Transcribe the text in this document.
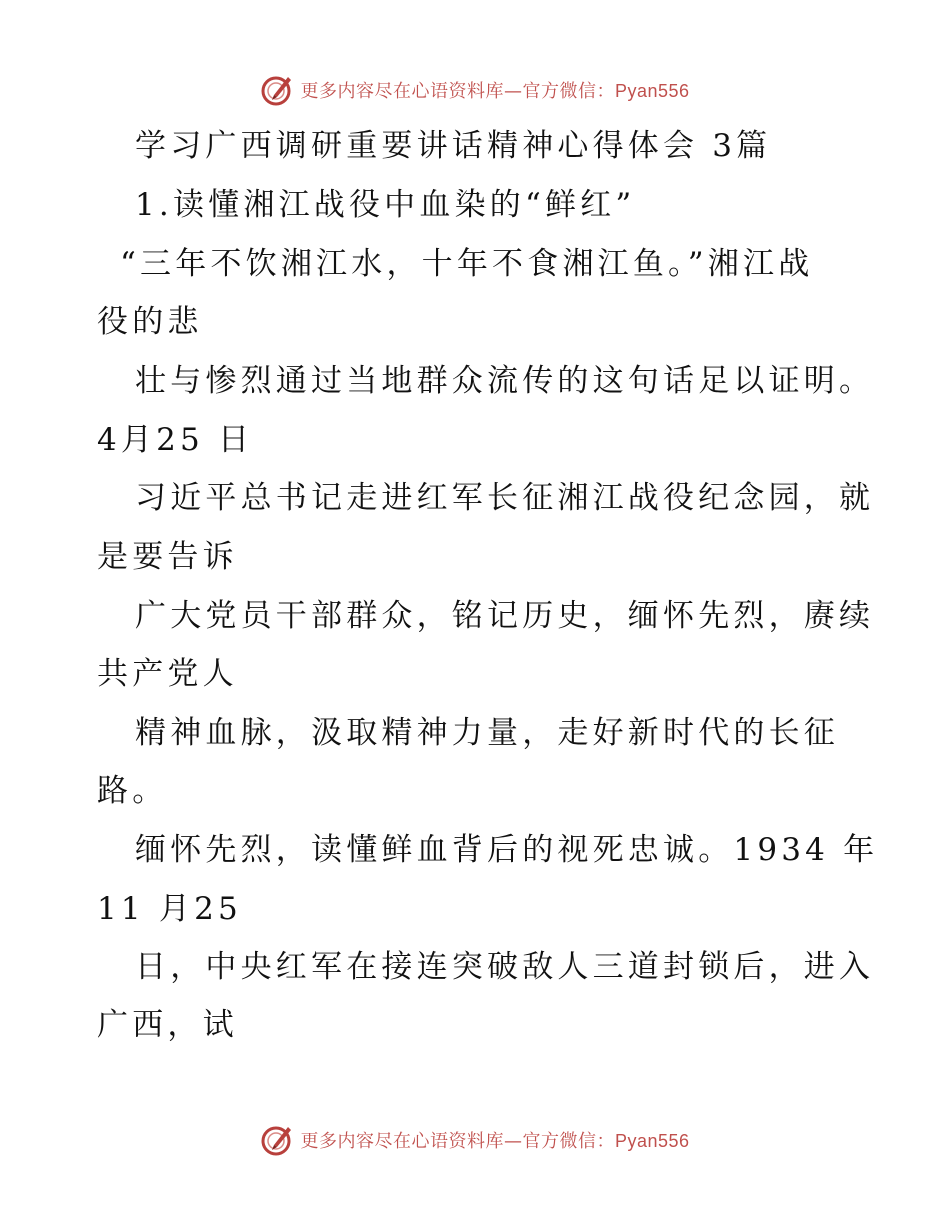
更多内容尽在心语资料库—官方微信：Pyan556
学习广西调研重要讲话精神心得体会 3篇
1.读懂湘江战役中血染的“鲜红”
“三年不饮湘江水，十年不食湘江鱼。”湘江战
役的悲
壮与惨烈通过当地群众流传的这句话足以证明。
4月25 日
习近平总书记走进红军长征湘江战役纪念园，就
是要告诉
广大党员干部群众，铭记历史，缅怀先烈，赓续
共产党人
精神血脉，汲取精神力量，走好新时代的长征
路。
缅怀先烈，读懂鲜血背后的视死忠诚。1934 年
11 月25
日，中央红军在接连突破敌人三道封锁后，进入
广西，试
更多内容尽在心语资料库—官方微信：Pyan556
